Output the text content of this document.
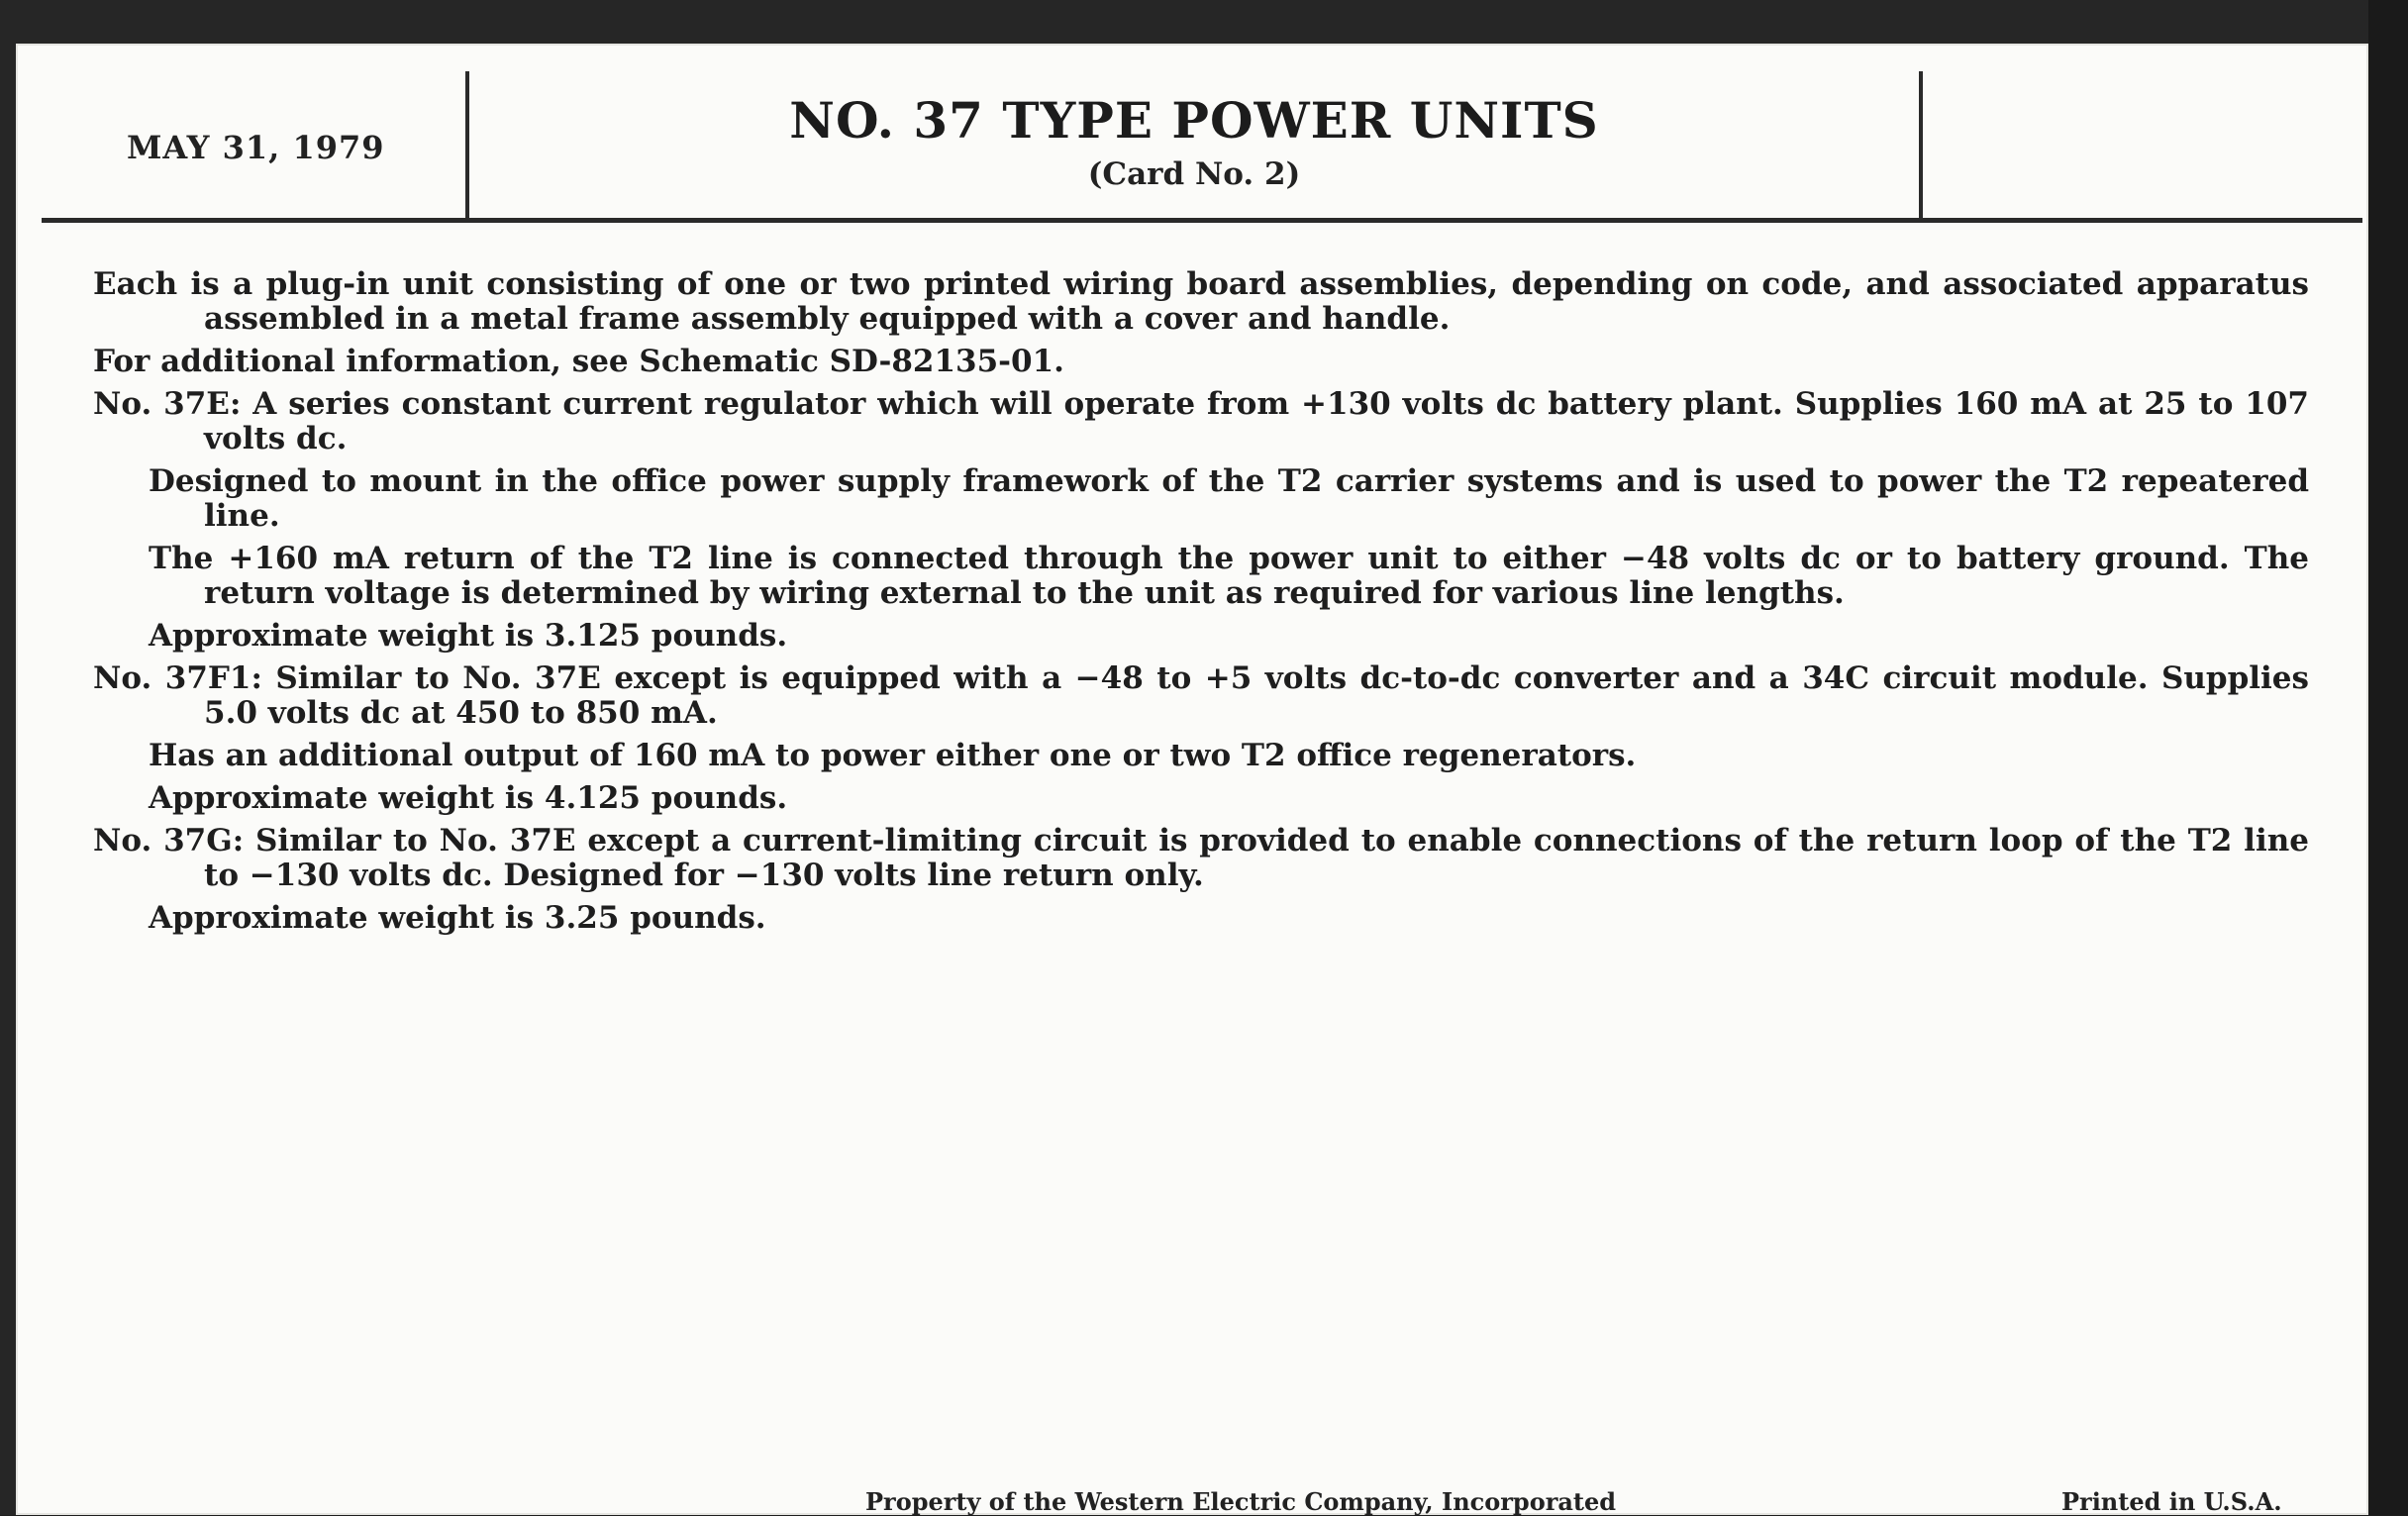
MAY 31, 1979	NO. 37 TYPE POWER UNITS
(Card No. 2)

Each is a plug-in unit consisting of one or two printed wiring board assemblies, depending on code, and associated apparatus assembled in a metal frame assembly equipped with a cover and handle.

For additional information, see Schematic SD-82135-01.

No. 37E: A series constant current regulator which will operate from +130 volts dc battery plant. Supplies 160 mA at 25 to 107 volts dc.

Designed to mount in the office power supply framework of the T2 carrier systems and is used to power the T2 repeatered line.

The +160 mA return of the T2 line is connected through the power unit to either −48 volts dc or to battery ground. The return voltage is determined by wiring external to the unit as required for various line lengths.

Approximate weight is 3.125 pounds.

No. 37F1: Similar to No. 37E except is equipped with a −48 to +5 volts dc-to-dc converter and a 34C circuit module. Supplies 5.0 volts dc at 450 to 850 mA.

Has an additional output of 160 mA to power either one or two T2 office regenerators.

Approximate weight is 4.125 pounds.

No. 37G: Similar to No. 37E except a current-limiting circuit is provided to enable connections of the return loop of the T2 line to −130 volts dc. Designed for −130 volts line return only.

Approximate weight is 3.25 pounds.

Property of the Western Electric Company, Incorporated	Printed in U.S.A.
